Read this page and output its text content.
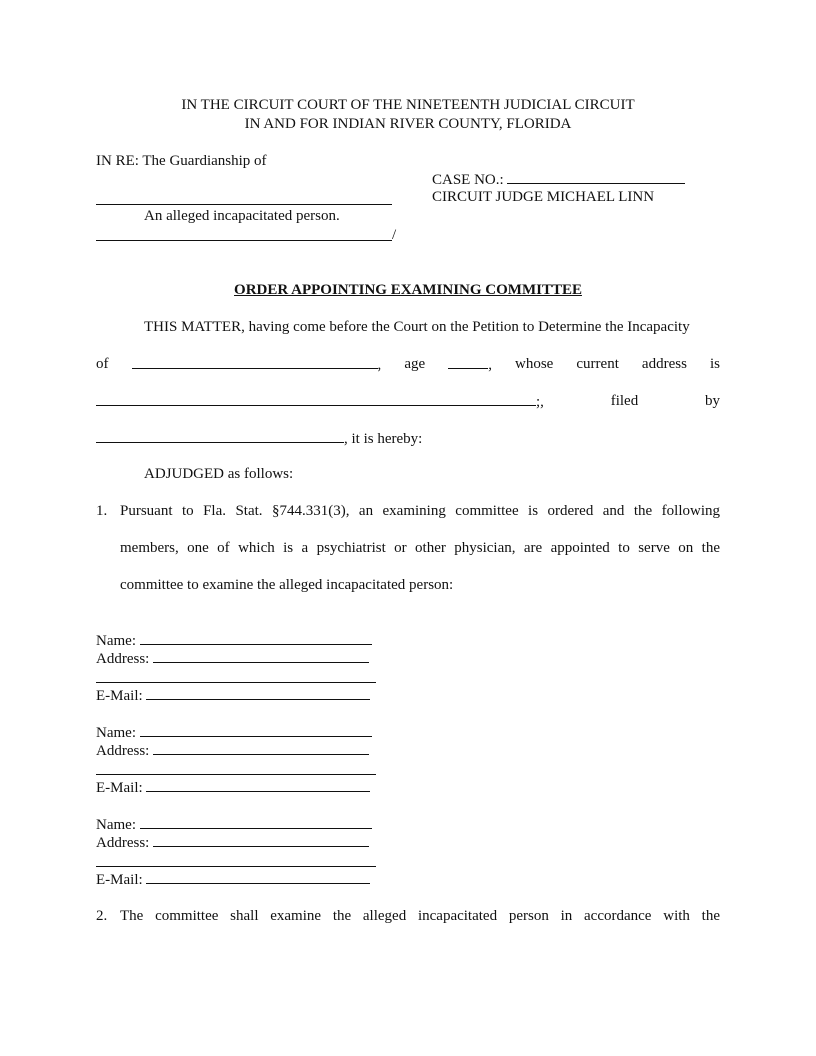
IN THE CIRCUIT COURT OF THE NINETEENTH JUDICIAL CIRCUIT
IN AND FOR INDIAN RIVER COUNTY, FLORIDA
IN RE: The Guardianship of
CASE NO.:
CIRCUIT JUDGE MICHAEL LINN
An alleged incapacitated person.
/
ORDER APPOINTING EXAMINING COMMITTEE
THIS MATTER, having come before the Court on the Petition to Determine the Incapacity
of	, age	, whose current address is
;,	filed	by
, it is hereby:
ADJUDGED as follows:
1. Pursuant to Fla. Stat. §744.331(3), an examining committee is ordered and the following
members, one of which is a psychiatrist or other physician, are appointed to serve on the
committee to examine the alleged incapacitated person:
Name:
Address:
E-Mail:
Name:
Address:
E-Mail:
Name:
Address:
E-Mail:
2. The committee shall examine the alleged incapacitated person in accordance with the
